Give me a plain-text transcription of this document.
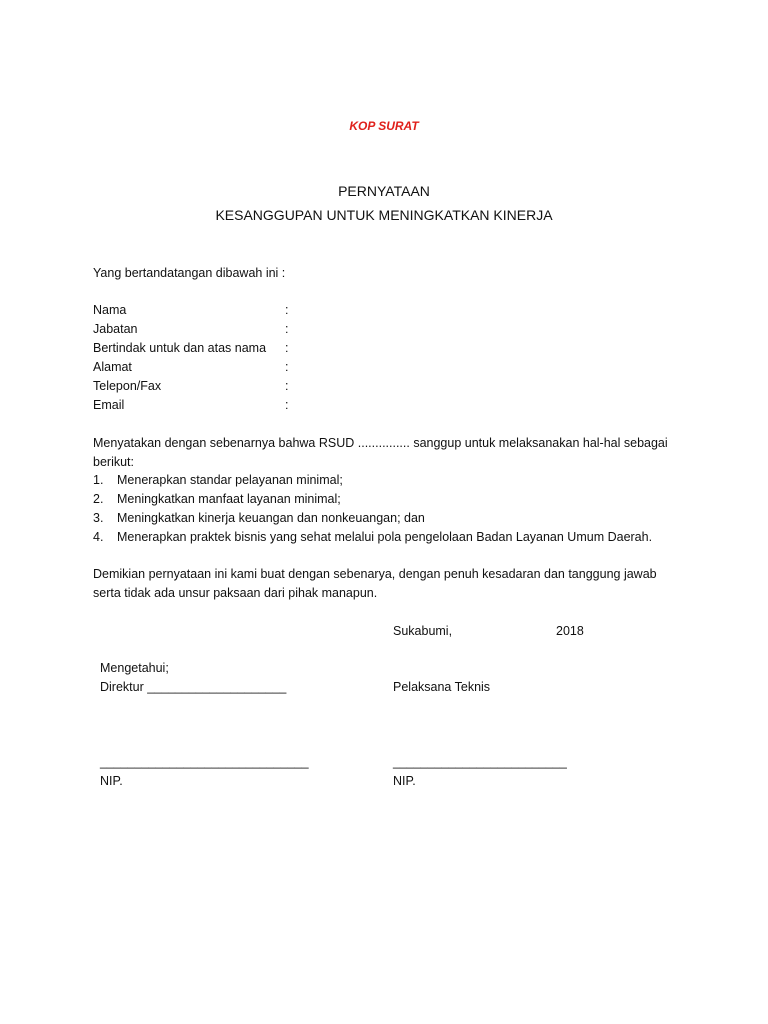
KOP SURAT
PERNYATAAN
KESANGGUPAN UNTUK MENINGKATKAN KINERJA
Yang bertandatangan dibawah ini :
Nama	:
Jabatan	:
Bertindak untuk dan atas nama :
Alamat	:
Telepon/Fax	:
Email	:
Menyatakan dengan sebenarnya bahwa RSUD ............... sanggup untuk melaksanakan hal-hal sebagai
berikut:
1. Menerapkan standar pelayanan minimal;
2. Meningkatkan manfaat layanan minimal;
3. Meningkatkan kinerja keuangan dan nonkeuangan; dan
4. Menerapkan praktek bisnis yang sehat melalui pola pengelolaan Badan Layanan Umum Daerah.
Demikian pernyataan ini kami buat dengan sebenarya, dengan penuh kesadaran dan tanggung jawab
serta tidak ada unsur paksaan dari pihak manapun.
Sukabumi,	2018
Mengetahui;
Direktur ____________________	Pelaksana Teknis
______________________________	_________________________
NIP.	NIP.
